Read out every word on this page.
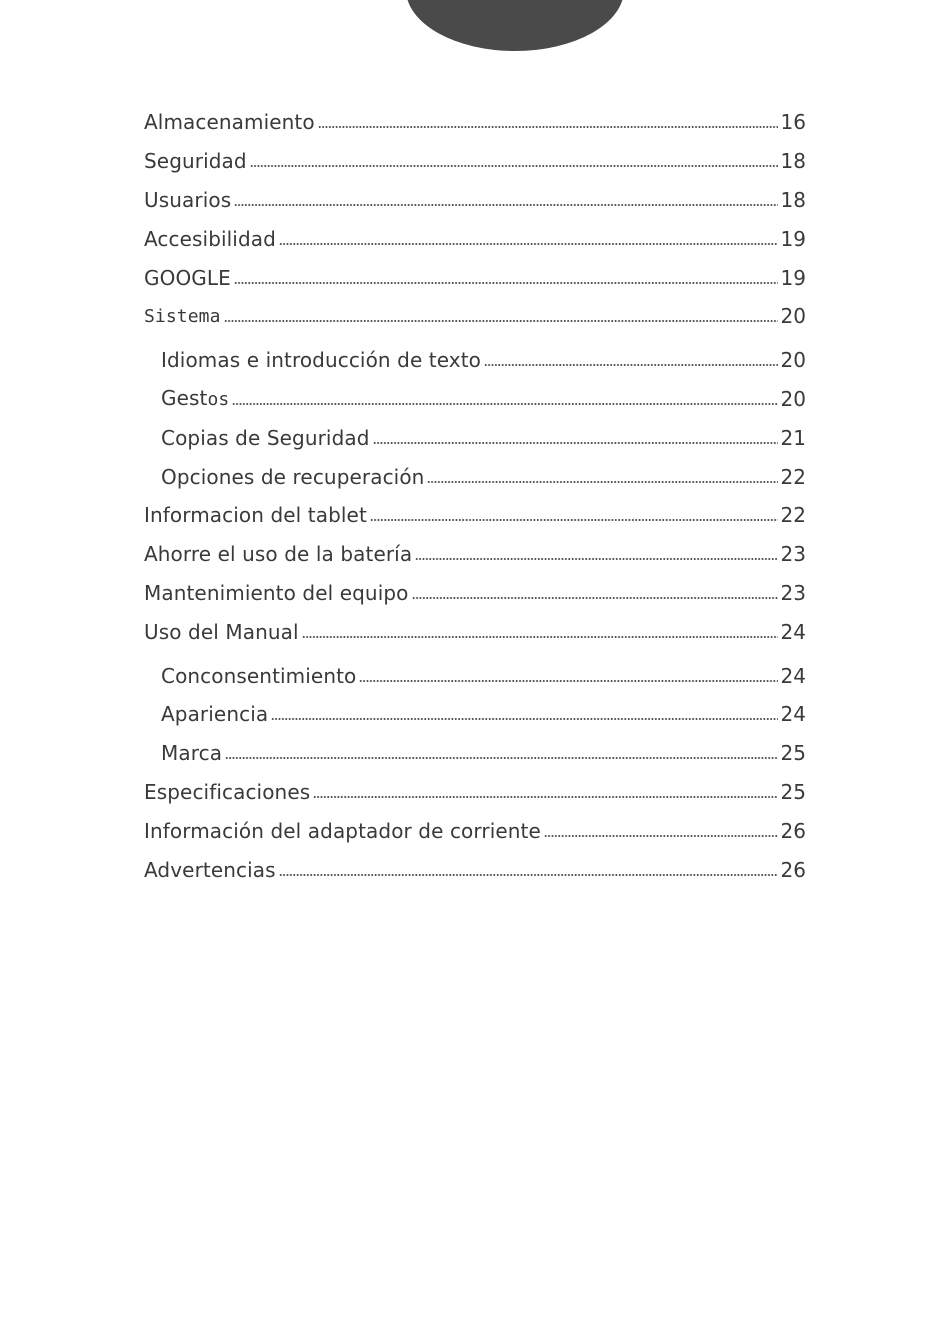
Almacenamiento	16
Seguridad	18
Usuarios	18
Accesibilidad	19
GOOGLE	19
Sistema	20
Idiomas e introducción de texto	20
Gestos	20
Copias de Seguridad	21
Opciones de recuperación	22
Informacion del tablet	22
Ahorre el uso de la batería	23
Mantenimiento del equipo	23
Uso del Manual	24
Conconsentimiento	24
Apariencia	24
Marca	25
Especificaciones	25
Información del adaptador de corriente	26
Advertencias	26
